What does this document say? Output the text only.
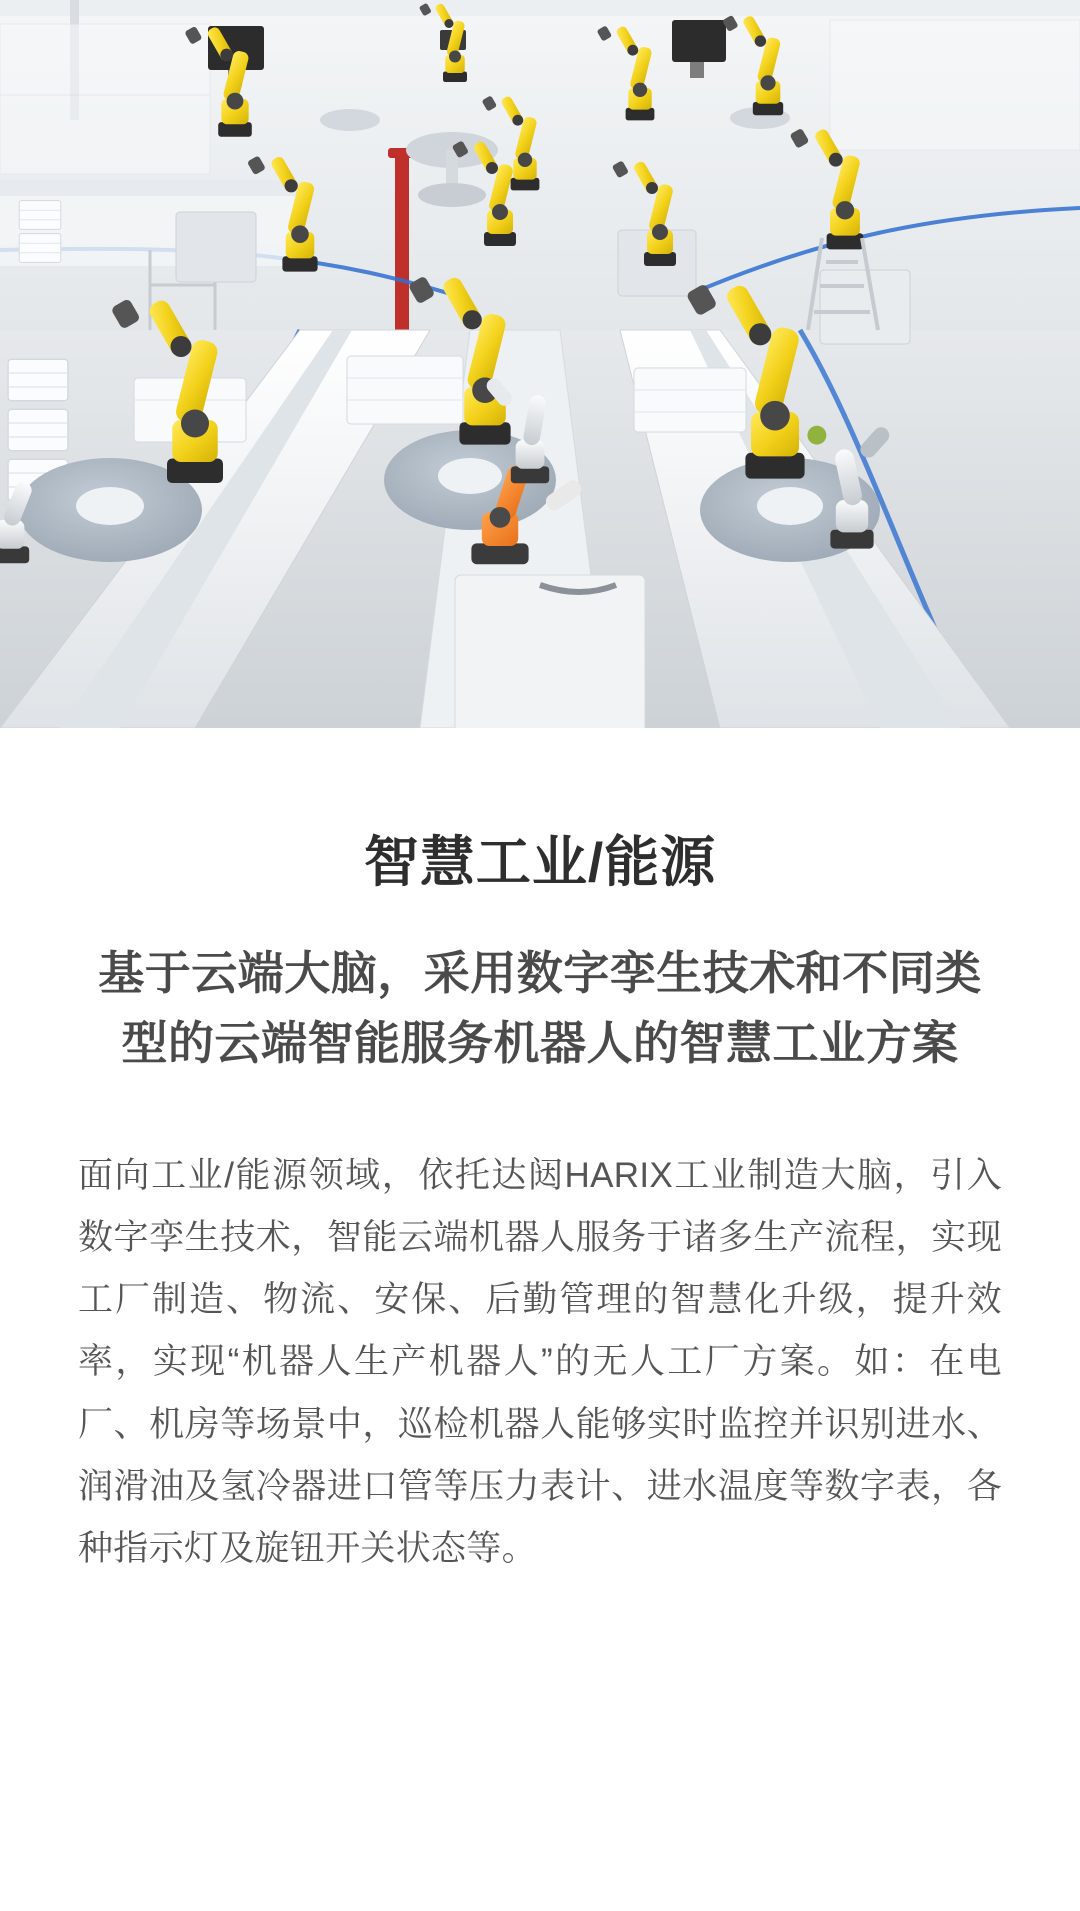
智慧工业/能源
基于云端大脑，采用数字孪生技术和不同类型的云端智能服务机器人的智慧工业方案

面向工业/能源领域，依托达闼HARIX工业制造大脑，引入数字孪生技术，智能云端机器人服务于诸多生产流程，实现工厂制造、物流、安保、后勤管理的智慧化升级，提升效率，实现“机器人生产机器人”的无人工厂方案。如：在电厂、机房等场景中，巡检机器人能够实时监控并识别进水、润滑油及氢冷器进口管等压力表计、进水温度等数字表，各种指示灯及旋钮开关状态等。
